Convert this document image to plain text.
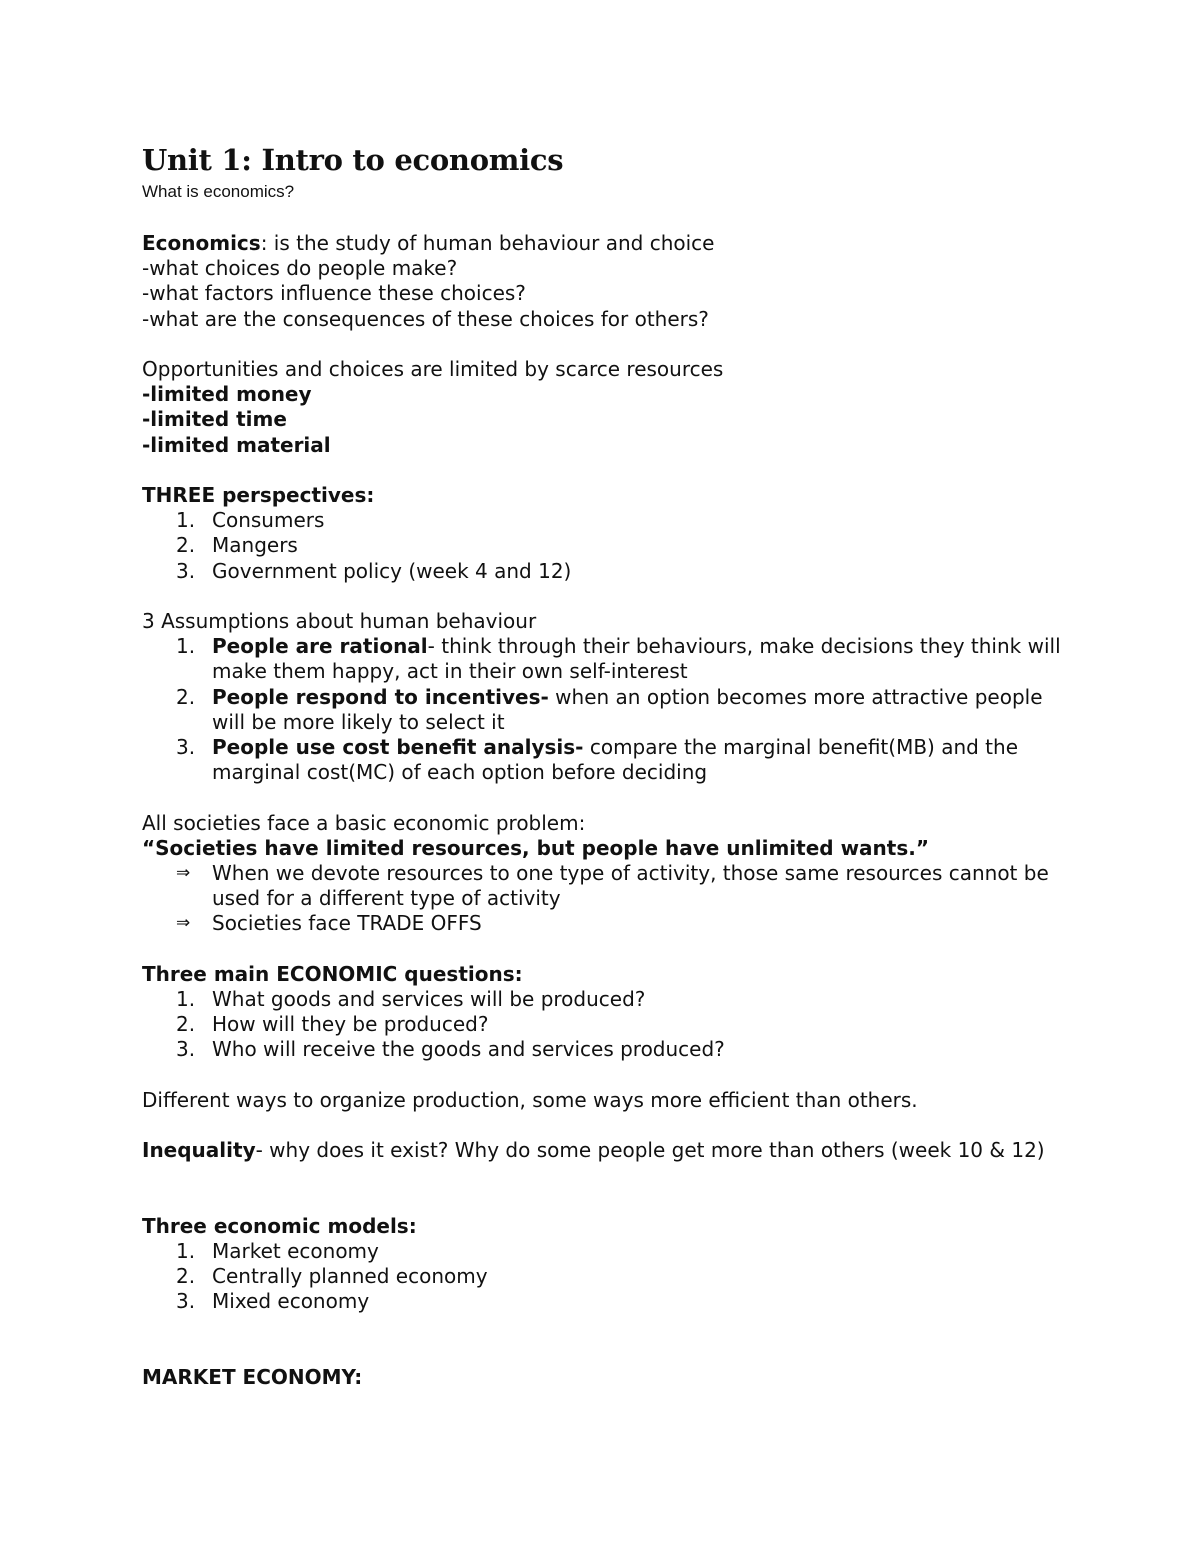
Unit 1: Intro to economics

What is economics?

Economics: is the study of human behaviour and choice

-what choices do people make?

-what factors influence these choices?

-what are the consequences of these choices for others?

Opportunities and choices are limited by scarce resources

-limited money

-limited time

-limited material

THREE perspectives:

1. Consumers
2. Mangers
3. Government policy (week 4 and 12)

3 Assumptions about human behaviour

1. People are rational- think through their behaviours, make decisions they think will make them happy, act in their own self-interest
2. People respond to incentives- when an option becomes more attractive people will be more likely to select it
3. People use cost benefit analysis- compare the marginal benefit(MB) and the marginal cost(MC) of each option before deciding

All societies face a basic economic problem:

“Societies have limited resources, but people have unlimited wants.”

⇒ When we devote resources to one type of activity, those same resources cannot be used for a different type of activity
⇒ Societies face TRADE OFFS

Three main ECONOMIC questions:

1. What goods and services will be produced?
2. How will they be produced?
3. Who will receive the goods and services produced?

Different ways to organize production, some ways more efficient than others.

Inequality- why does it exist? Why do some people get more than others (week 10 & 12)

Three economic models:

1. Market economy
2. Centrally planned economy
3. Mixed economy

MARKET ECONOMY:
